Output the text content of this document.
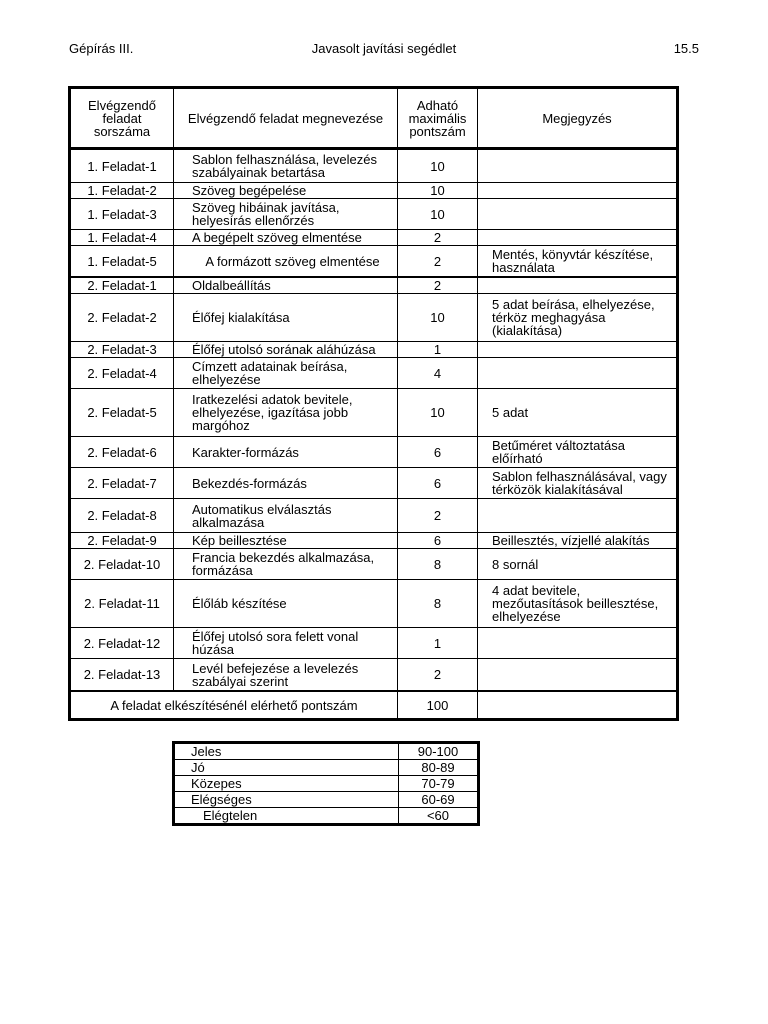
Gépírás III.	Javasolt javítási segédlet	15.5
Elvégzendő feladat sorszáma	Elvégzendő feladat megnevezése	Adható maximális pontszám	Megjegyzés
1. Feladat-1	Sablon felhasználása, levelezés szabályainak betartása	10	
1. Feladat-2	Szöveg begépelése	10	
1. Feladat-3	Szöveg hibáinak javítása, helyesírás ellenőrzés	10	
1. Feladat-4	A begépelt szöveg elmentése	2	
1. Feladat-5	A formázott szöveg elmentése	2	Mentés, könyvtár készítése, használata
2. Feladat-1	Oldalbeállítás	2	
2. Feladat-2	Élőfej kialakítása	10	5 adat beírása, elhelyezése, térköz meghagyása (kialakítása)
2. Feladat-3	Élőfej utolsó sorának aláhúzása	1	
2. Feladat-4	Címzett adatainak beírása, elhelyezése	4	
2. Feladat-5	Iratkezelési adatok bevitele, elhelyezése, igazítása jobb margóhoz	10	5 adat
2. Feladat-6	Karakter-formázás	6	Betűméret változtatása előírható
2. Feladat-7	Bekezdés-formázás	6	Sablon felhasználásával, vagy térközök kialakításával
2. Feladat-8	Automatikus elválasztás alkalmazása	2	
2. Feladat-9	Kép beillesztése	6	Beillesztés, vízjellé alakítás
2. Feladat-10	Francia bekezdés alkalmazása, formázása	8	8 sornál
2. Feladat-11	Élőláb készítése	8	4 adat bevitele, mezőutasítások beillesztése, elhelyezése
2. Feladat-12	Élőfej utolsó sora felett vonal húzása	1	
2. Feladat-13	Levél befejezése a levelezés szabályai szerint	2	
A feladat elkészítésénél elérhető pontszám		100	
Jeles	90-100
Jó	80-89
Közepes	70-79
Elégséges	60-69
Elégtelen	<60
